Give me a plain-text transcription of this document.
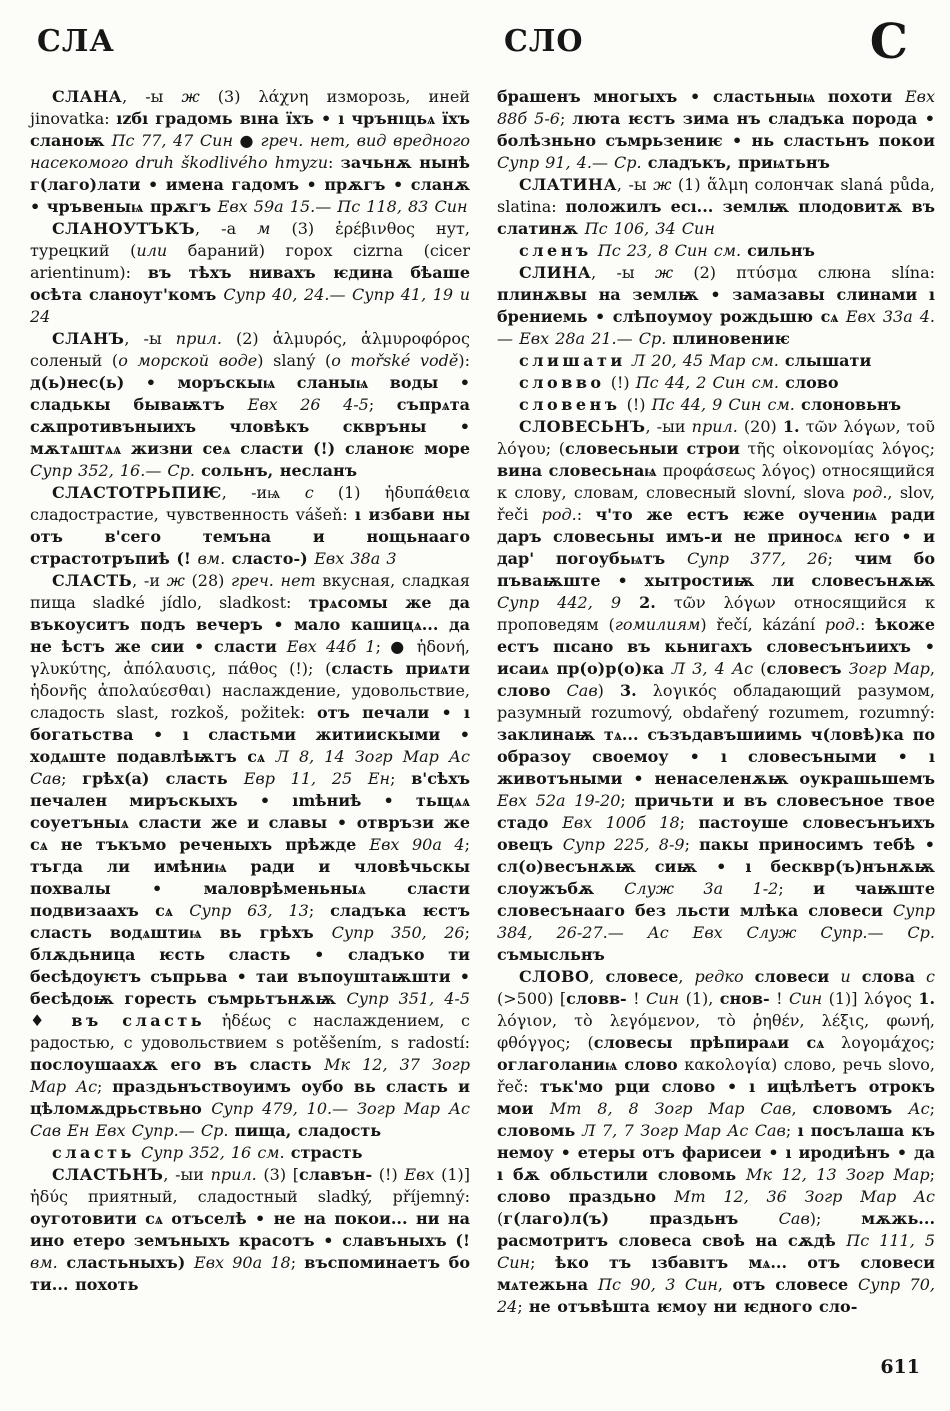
СЛА	СЛО	С

СЛАНА, -ы ж (3) λάχνη изморозь, иней jinovatka: ızбı градомь вıна їхъ • ı чрънıцьѧ їхъ сланоѭ Пс 77, 47 Син ● греч. нет, вид вредного насекомого druh škodlivého hmyzu: зачьнѫ нынѣ г(лаго)лати • имена гадомъ • прѫгъ • сланѫ • чръвеныѩ прѫгъ Евх 59а 15.— Пс 118, 83 Син

СЛАНОУТЪКЪ, -а м (3) ἐρέβινθος нут, турецкий (или бараний) горох cizrna (cicer arientinum): въ тѣхъ нивахъ ѥдина бѣаше осѣта сланоут'комъ Супр 40, 24.— Супр 41, 19 и 24

СЛАНЪ, -ы прил. (2) ἁλμυρός, ἁλμυροφόρος соленый (о морской воде) slaný (о mořské vodě): д(ь)нес(ь) • моръскыѩ сланыѩ воды • сладькы бываѭтъ Евх 26 4-5; съпрѧта сѫпротивъныихъ чловѣкъ сквръны • мѫтѧштѧѧ жизни сеѧ сласти (!) сланоѥ море Супр 352, 16.— Ср. сольнъ, несланъ

СЛАСТОТРЬПИѤ, -иѩ с (1) ἡδυπάθεια сладострастие, чувственность vášeň: ı избави ны отъ в'сего темъна и нощьнааго страстотръпиѣ (! вм. сласто-) Евх 38а 3

СЛАСТЬ, -и ж (28) греч. нет вкусная, сладкая пища sladké jídlo, sladkost: трѧсомы же да въкоуситъ подъ вечеръ • мало кашицѧ... да не ѣстъ же сии • сласти Евх 44б 1; ● ἡδονή, γλυκύτης, ἀπόλαυσις, πάθος (!); (сласть приѧти ἡδονῆς ἀπολαύεσθαι) наслаждение, удовольствие, сладость slast, rozkoš, požitek: отъ печали • ı богатьства • ı сластьми житиискыми • ходѧште подавлѣѭтъ сѧ Л 8, 14 Зогр Мар Ас Сав; грѣх(а) сласть Евр 11, 25 Ен; в'сѣхъ печален миръскыхъ • ımѣниѣ • тьщѧѧ соуетъныѧ сласти же и славы • отвръзи же сѧ не тъкъмо реченыхъ прѣжде Евх 90а 4; тъгда ли имѣниѩ ради и чловѣчьскы похвалы • маловрѣменьныѧ сласти подвизаахъ сѧ Супр 63, 13; сладъка ѥстъ сласть водѧштиѩ вь грѣхъ Супр 350, 26; блѫдьница ѥсть сласть • сладъко ти бесѣдоуѥтъ съпрьва • таи въпоуштаѭшти • бесѣдоѭ горесть съмрьтънѫѭ Супр 351, 4-5 ♦ въ сласть ἡδέως с наслаждением, с радостью, с удовольствием s potěšením, s radostí: послоушаахѫ его въ сласть Мк 12, 37 Зогр Мар Ас; праздьнъствоуимъ оубо вь сласть и цѣломѫдрьствьно Супр 479, 10.— Зогр Мар Ас Сав Ен Евх Супр.— Ср. пища, сладость

сласть Супр 352, 16 см. страсть

СЛАСТЬНЪ, -ыи прил. (3) [славън- (!) Евх (1)] ἡδύς приятный, сладостный sladký, příjemný: оуготовити сѧ отъселѣ • не на покои... ни на ино етеро земъныхъ красотъ • славъныхъ (! вм. сластьныхъ) Евх 90а 18; въспоминаетъ бо ти... похоть

брашенъ многыхъ • сластьныѩ похоти Евх 88б 5-6; люта ѥстъ зима нъ сладъка порода • болѣзньно съмрьзениѥ • нь сластьнъ покои Супр 91, 4.— Ср. сладъкъ, приѩтьнъ

СЛАТИНА, -ы ж (1) ἅλμη солончак slaná půda, slatina: положилъ есı... землѭ плодовитѫ въ слатинѫ Пс 106, 34 Син

сленъ Пс 23, 8 Син см. сильнъ

СЛИНА, -ы ж (2) πτύσμα слюна slína: плинѫвы на землѭ • замазавы слинами ı брениемь • слѣпоумоу рождьшю сѧ Евх 33а 4.— Евх 28а 21.— Ср. плиновениѥ

слишати Л 20, 45 Мар см. слышати

словво (!) Пс 44, 2 Син см. слово

словенъ (!) Пс 44, 9 Син см. слоновьнъ

СЛОВЕСЬНЪ, -ыи прил. (20) 1. τῶν λόγων, τοῦ λόγου; (словесьныи строи τῆς οἰκονομίας λόγος; вина словесьнаѩ προφάσεως λόγος) относящийся к слову, словам, словесный slovní, slova род., slov, řeči род.: ч'то же естъ ѥже оучениѩ ради даръ словесьны имъ-и не приносѧ ѥго • и дар' погоубьѩтъ Супр 377, 26; чим бо пъваѭште • хытростиѭ ли словесънѫѭ Супр 442, 9 2. τῶν λόγων относящийся к проповедям (гомилиям) řečí, kázání род.: ѣкоже естъ пıсано въ кьнигахъ словесънъиихъ • исаиѧ пр(о)р(о)ка Л 3, 4 Ас (словесъ Зогр Мар, слово Сав) 3. λογικός обладающий разумом, разумный rozumový, obdařený rozumem, rozumný: заклинаѭ тѧ... съзъдавъшиимь ч(ловѣ)ка по образоу своемоу • ı словесъными • ı животъными • ненаселенѫѭ оукрашьшемъ Евх 52а 19-20; причьти и въ словесъное твое стадо Евх 100б 18; пастоуше словесънъихъ овецъ Супр 225, 8-9; пакы приносимъ тебѣ • сл(о)весънѫѭ сиѭ • ı бесквр(ъ)нънѫѭ слоужъбѫ Служ 3а 1-2; и чаѭште словесънааго без льсти млѣка словеси Супр 384, 26-27.— Ас Евх Служ Супр.— Ср. съмысльнъ

СЛОВО, словесе, редко словеси и слова с (>500) [словв- ! Син (1), снов- ! Син (1)] λόγος 1. λόγιον, τὸ λεγόμενον, τὸ ῥηθέν, λέξις, φωνή, φθόγγος; (словесы прѣпираѧи сѧ λογομάχος; оглаголаниѩ слово κακολογία) слово, речь slovo, řeč: тък'мо рци слово • ı ицѣлѣетъ отрокъ мои Мт 8, 8 Зогр Мар Сав, словомъ Ас; словомь Л 7, 7 Зогр Мар Ас Сав; ı посълаша къ немоу • етеры отъ фарисеи • ı иродиѣнъ • да ı бѫ обльстили словомь Мк 12, 13 Зогр Мар; слово праздьно Мт 12, 36 Зогр Мар Ас (г(лаго)л(ъ) праздьнъ Сав); мѫжь... расмотритъ словеса своѣ на сѫдѣ Пс 111, 5 Син; ѣко тъ ıзбавıтъ мѧ... отъ словеси мѧтежьна Пс 90, 3 Син, отъ словесе Супр 70, 24; не отъвѣшта ѥмоу ни ѥдного сло-

611
